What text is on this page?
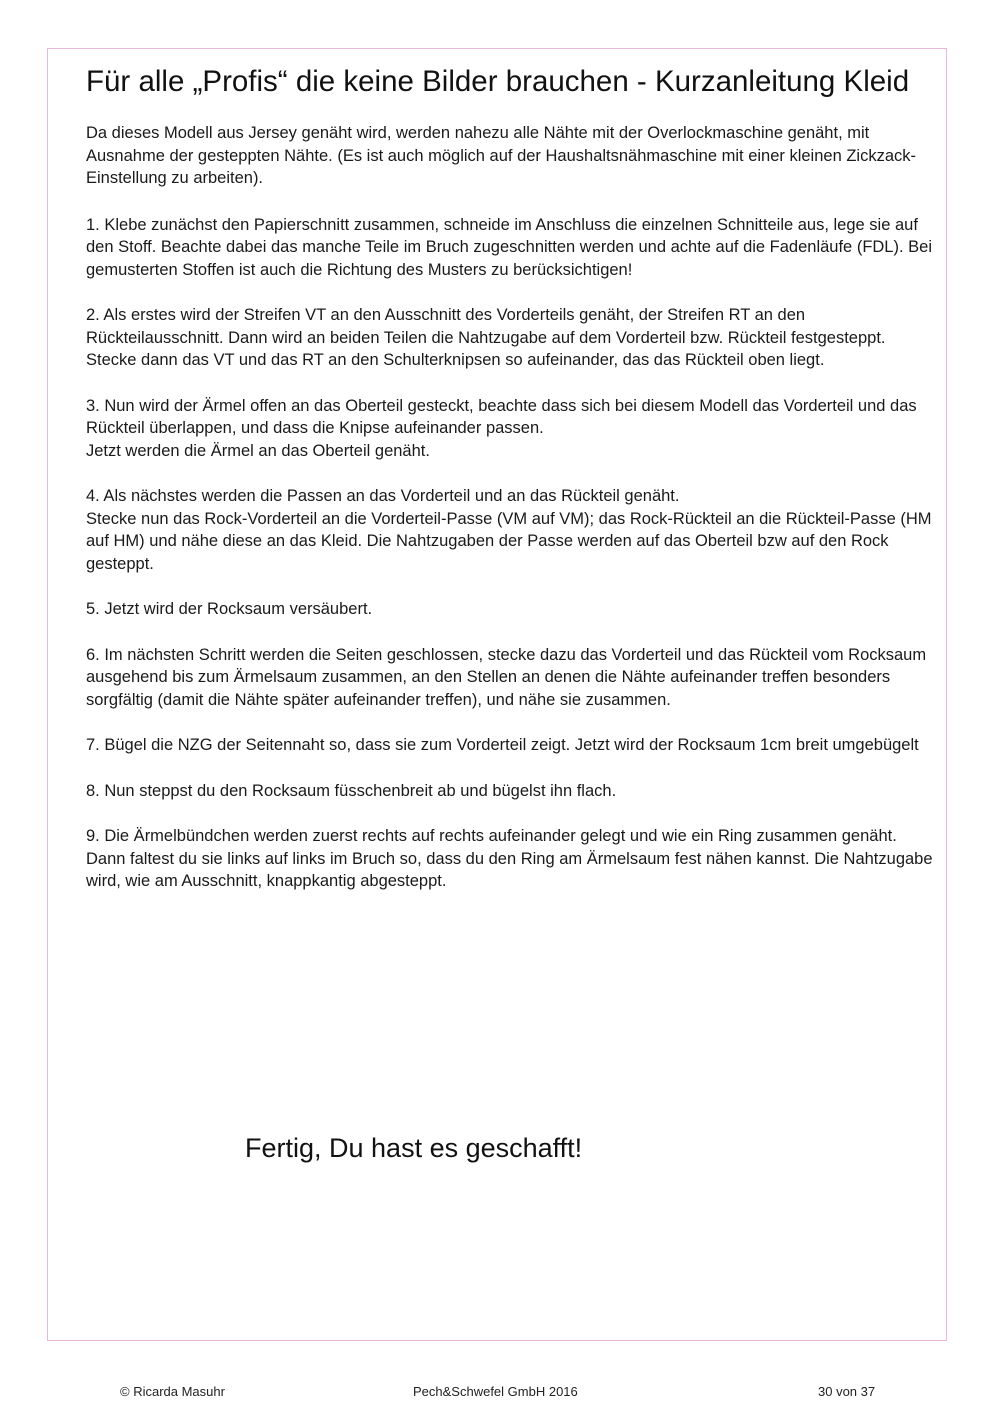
Für alle „Profis“ die keine Bilder brauchen - Kurzanleitung Kleid

Da dieses Modell aus Jersey genäht wird, werden nahezu alle Nähte mit der Overlockmaschine genäht, mit Ausnahme der gesteppten Nähte. (Es ist auch möglich auf der Haushaltsnähmaschine mit einer kleinen Zickzack- Einstellung zu arbeiten).

1. Klebe zunächst den Papierschnitt zusammen, schneide im Anschluss die einzelnen Schnitteile aus, lege sie auf den Stoff. Beachte dabei das manche Teile im Bruch zugeschnitten werden und achte auf die Fadenläufe (FDL). Bei gemusterten Stoffen ist auch die Richtung des Musters zu berücksichtigen!
2. Als erstes wird der Streifen VT an den Ausschnitt des Vorderteils genäht, der Streifen RT an den Rückteilausschnitt. Dann wird an beiden Teilen die Nahtzugabe auf dem Vorderteil bzw. Rückteil festgesteppt. Stecke dann das VT und das RT an den Schulterknipsen so aufeinander, das das Rückteil oben liegt.
3. Nun wird der Ärmel offen an das Oberteil gesteckt, beachte dass sich bei diesem Modell das Vorderteil und das Rückteil überlappen, und dass die Knipse aufeinander passen.
Jetzt werden die Ärmel an das Oberteil genäht.
4. Als nächstes werden die Passen an das Vorderteil und an das Rückteil genäht.
Stecke nun das Rock-Vorderteil an die Vorderteil-Passe (VM auf VM); das Rock-Rückteil an die Rückteil-Passe (HM auf HM) und nähe diese an das Kleid. Die Nahtzugaben der Passe werden auf das Oberteil bzw auf den Rock gesteppt.
5. Jetzt wird der Rocksaum versäubert.
6. Im nächsten Schritt werden die Seiten geschlossen, stecke dazu das Vorderteil und das Rückteil vom Rocksaum ausgehend bis zum Ärmelsaum zusammen, an den Stellen an denen die Nähte aufeinander treffen besonders sorgfältig (damit die Nähte später aufeinander treffen), und nähe sie zusammen.
7. Bügel die NZG der Seitennaht so, dass sie zum Vorderteil zeigt. Jetzt wird der Rocksaum 1cm breit umgebügelt
8. Nun steppst du den Rocksaum füsschenbreit ab und bügelst ihn flach.
9. Die Ärmelbündchen werden zuerst rechts auf rechts aufeinander gelegt und wie ein Ring zusammen genäht. Dann faltest du sie links auf links im Bruch so, dass du den Ring am Ärmelsaum fest nähen kannst. Die Nahtzugabe wird, wie am Ausschnitt, knappkantig abgesteppt.
Fertig, Du hast es geschafft!
© Ricarda Masuhr	Pech&Schwefel GmbH 2016	30 von 37
